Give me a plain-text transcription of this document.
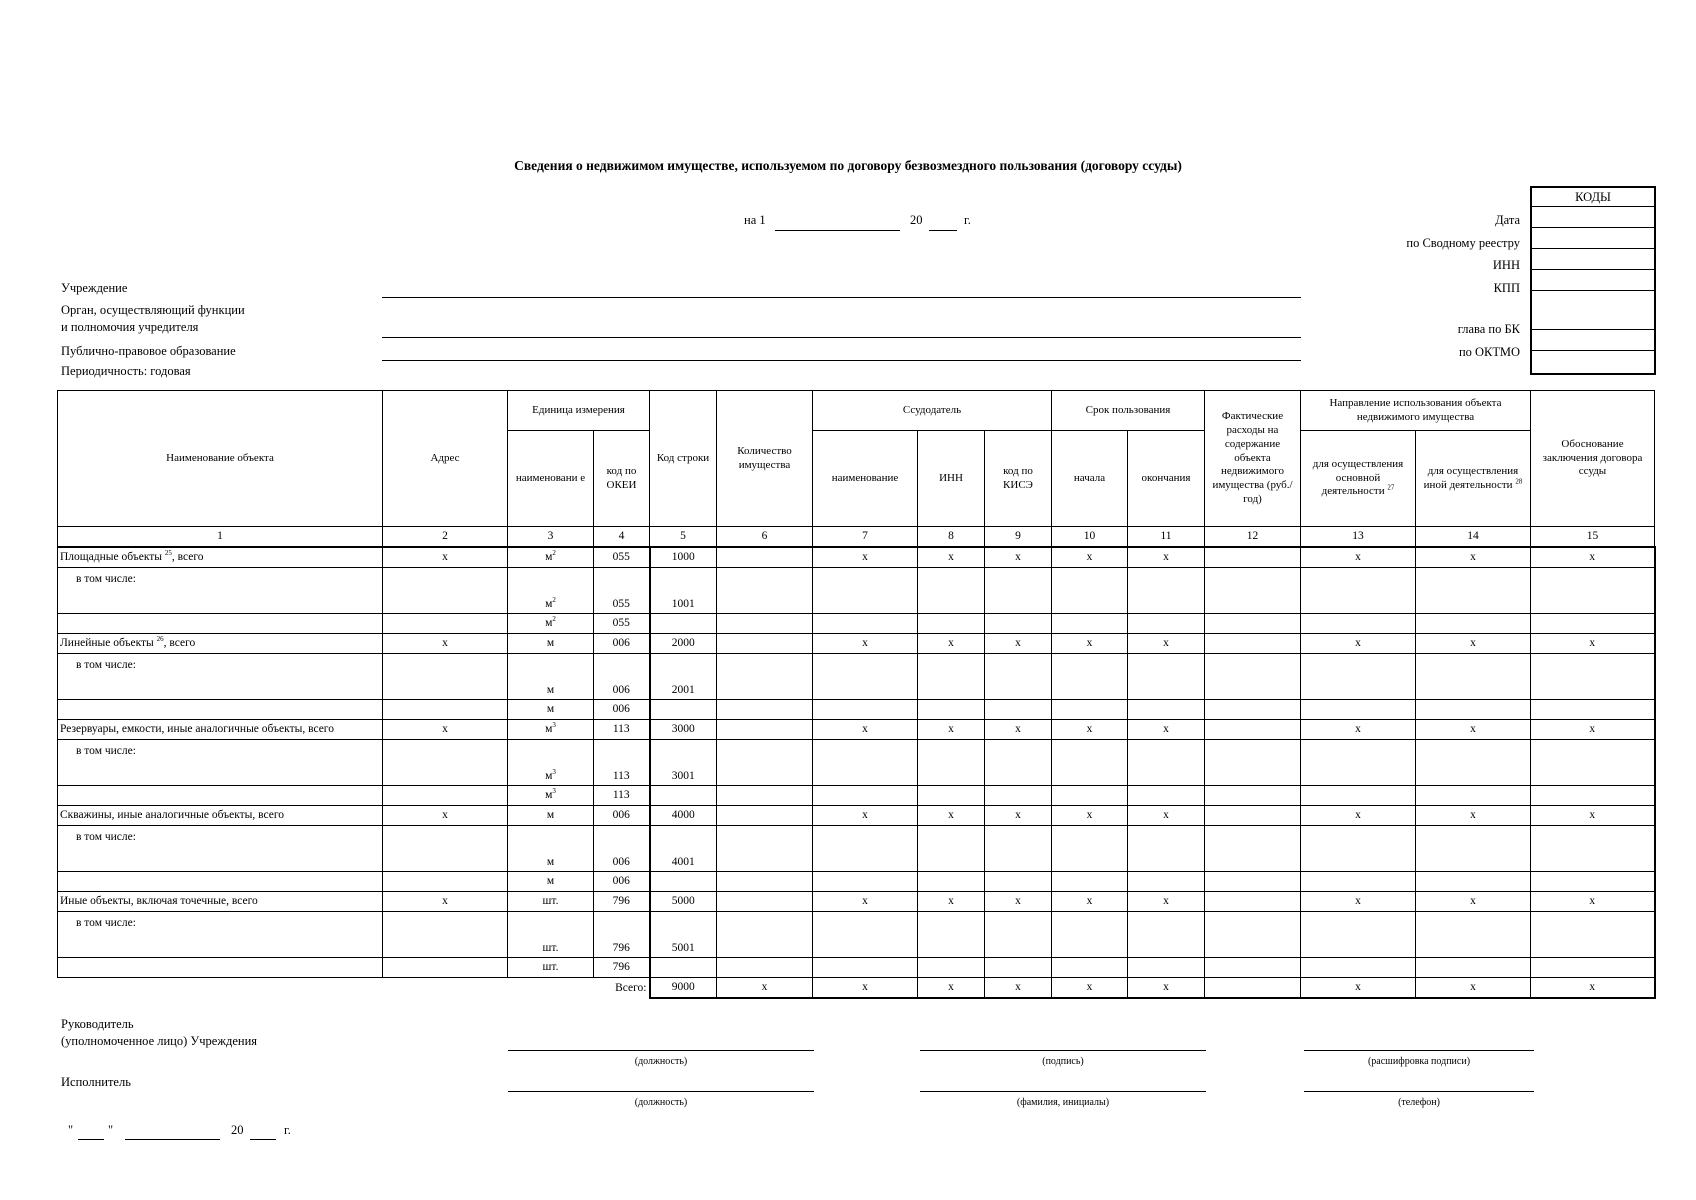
Сведения о недвижимом имуществе, используемом по договору безвозмездного пользования (договору ссуды)
на 1	20	г.	Дата
по Сводному реестру
ИНН
КПП
глава по БК
по ОКТМО
КОДЫ

Учреждение
Орган, осуществляющий функции
и полномочия учредителя
Публично-правовое образование
Периодичность: годовая
Наименование объекта	Адрес	Единица измерения		Код строки	Количество имущества	Ссудодатель			Срок пользования		Фактические расходы на содержание объекта недвижимого имущества (руб./год)	Направление использования объекта недвижимого имущества		Обоснование заключения договора ссуды
		наименовани е	код по ОКЕИ			наименование	ИНН	код по КИСЭ	начала	окончания		для осуществления основной деятельности $^{27}$	для осуществления иной деятельности $^{28}$
1	2	3	4	5	6	7	8	9	10	11	12	13	14	15
Площадные объекты $^{25}$, всего	x	$м^2$	055	1000		x	x	x	x	x		x	x	x
в том числе:		$м^2$	055	1001										
		$м^2$	055											
Линейные объекты $^{26}$, всего	x	м	006	2000		x	x	x	x	x		x	x	x
в том числе:		м	006	2001										
		м	006											
Резервуары, емкости, иные аналогичные объекты, всего	x	$м^3$	113	3000		x	x	x	x	x		x	x	x
в том числе:		$м^3$	113	3001										
		$м^3$	113											
Скважины, иные аналогичные объекты, всего	x	м	006	4000		x	x	x	x	x		x	x	x
в том числе:		м	006	4001										
		м	006											
Иные объекты, включая точечные, всего	x	шт.	796	5000		x	x	x	x	x		x	x	x
в том числе:		шт.	796	5001										
		шт.	796											
Всего:				9000	x	x	x	x	x	x		x	x	x
Руководитель
(уполномоченное лицо) Учреждения
(должность)	(подпись)	(расшифровка подписи)
Исполнитель
(должность)	(фамилия, инициалы)	(телефон)
"	"	20	г.
